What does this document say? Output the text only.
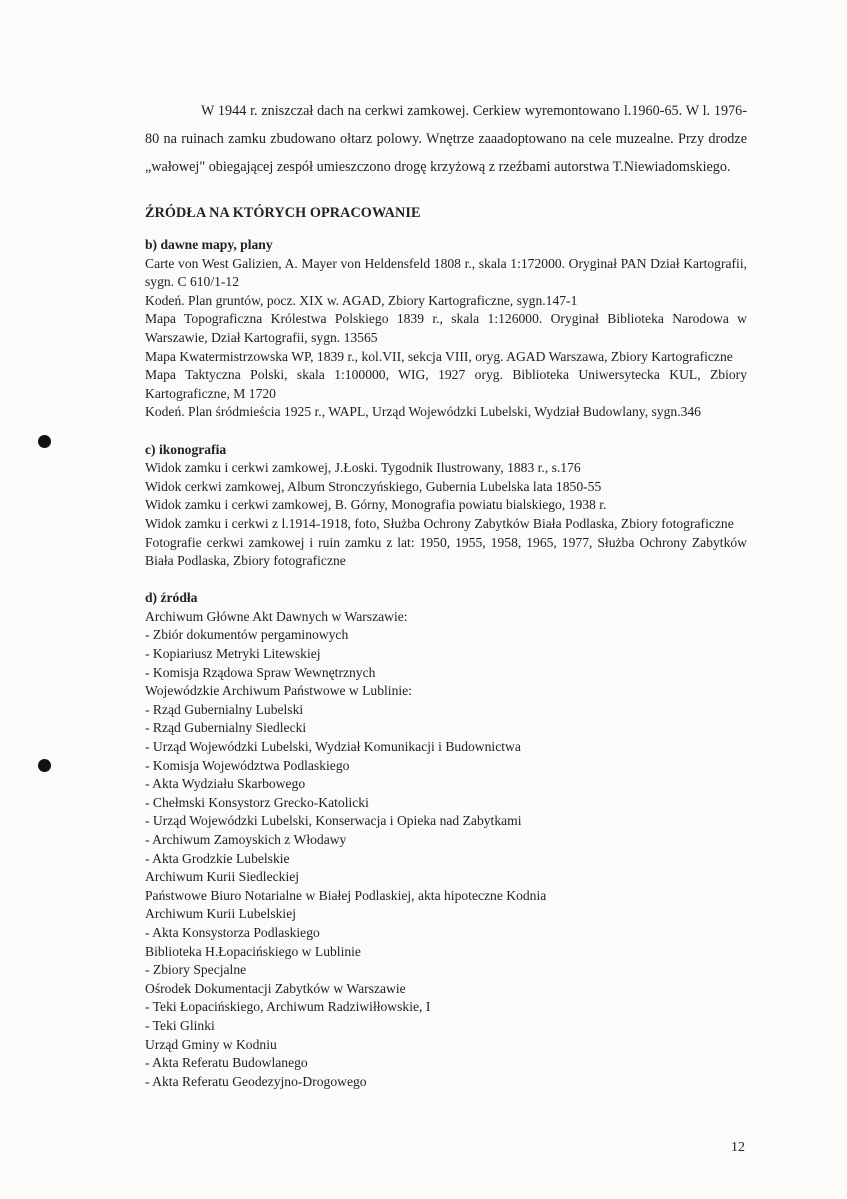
W 1944 r. zniszczał dach na cerkwi zamkowej. Cerkiew wyremontowano l.1960-65. W l. 1976-80 na ruinach zamku zbudowano ołtarz polowy. Wnętrze zaaadoptowano na cele muzealne. Przy drodze „wałowej" obiegającej zespół umieszczono drogę krzyżową z rzeźbami autorstwa T.Niewiadomskiego.

ŹRÓDŁA NA KTÓRYCH OPRACOWANIE
b) dawne mapy, plany
Carte von West Galizien, A. Mayer von Heldensfeld 1808 r., skala 1:172000. Oryginał PAN Dział Kartografii, sygn. C 610/1-12
Kodeń. Plan gruntów, pocz. XIX w. AGAD, Zbiory Kartograficzne, sygn.147-1
Mapa Topograficzna Królestwa Polskiego 1839 r., skala 1:126000. Oryginał Biblioteka Narodowa w Warszawie, Dział Kartografii, sygn. 13565
Mapa Kwatermistrzowska WP, 1839 r., kol.VII, sekcja VIII, oryg. AGAD Warszawa, Zbiory Kartograficzne
Mapa Taktyczna Polski, skala 1:100000, WIG, 1927 oryg. Biblioteka Uniwersytecka KUL, Zbiory Kartograficzne, M 1720
Kodeń. Plan śródmieścia 1925 r., WAPL, Urząd Wojewódzki Lubelski, Wydział Budowlany, sygn.346
c) ikonografia
Widok zamku i cerkwi zamkowej, J.Łoski. Tygodnik Ilustrowany, 1883 r., s.176
Widok cerkwi zamkowej, Album Stronczyńskiego, Gubernia Lubelska lata 1850-55
Widok zamku i cerkwi zamkowej, B. Górny, Monografia powiatu bialskiego, 1938 r.
Widok zamku i cerkwi z l.1914-1918, foto, Służba Ochrony Zabytków Biała Podlaska, Zbiory fotograficzne
Fotografie cerkwi zamkowej i ruin zamku z lat: 1950, 1955, 1958, 1965, 1977, Służba Ochrony Zabytków Biała Podlaska, Zbiory fotograficzne
d) źródła
Archiwum Główne Akt Dawnych w Warszawie:
- Zbiór dokumentów pergaminowych
- Kopiariusz Metryki Litewskiej
- Komisja Rządowa Spraw Wewnętrznych
Wojewódzkie Archiwum Państwowe w Lublinie:
- Rząd Gubernialny Lubelski
- Rząd Gubernialny Siedlecki
- Urząd Wojewódzki Lubelski, Wydział Komunikacji i Budownictwa
- Komisja Województwa Podlaskiego
- Akta Wydziału Skarbowego
- Chełmski Konsystorz Grecko-Katolicki
- Urząd Wojewódzki Lubelski, Konserwacja i Opieka nad Zabytkami
- Archiwum Zamoyskich z Włodawy
- Akta Grodzkie Lubelskie
Archiwum Kurii Siedleckiej
Państwowe Biuro Notarialne w Białej Podlaskiej, akta hipoteczne Kodnia
Archiwum Kurii Lubelskiej
- Akta Konsystorza Podlaskiego
Biblioteka H.Łopacińskiego w Lublinie
- Zbiory Specjalne
Ośrodek Dokumentacji Zabytków w Warszawie
- Teki Łopacińskiego, Archiwum Radziwiłłowskie, I
- Teki Glinki
Urząd Gminy w Kodniu
- Akta Referatu Budowlanego
- Akta Referatu Geodezyjno-Drogowego
12
